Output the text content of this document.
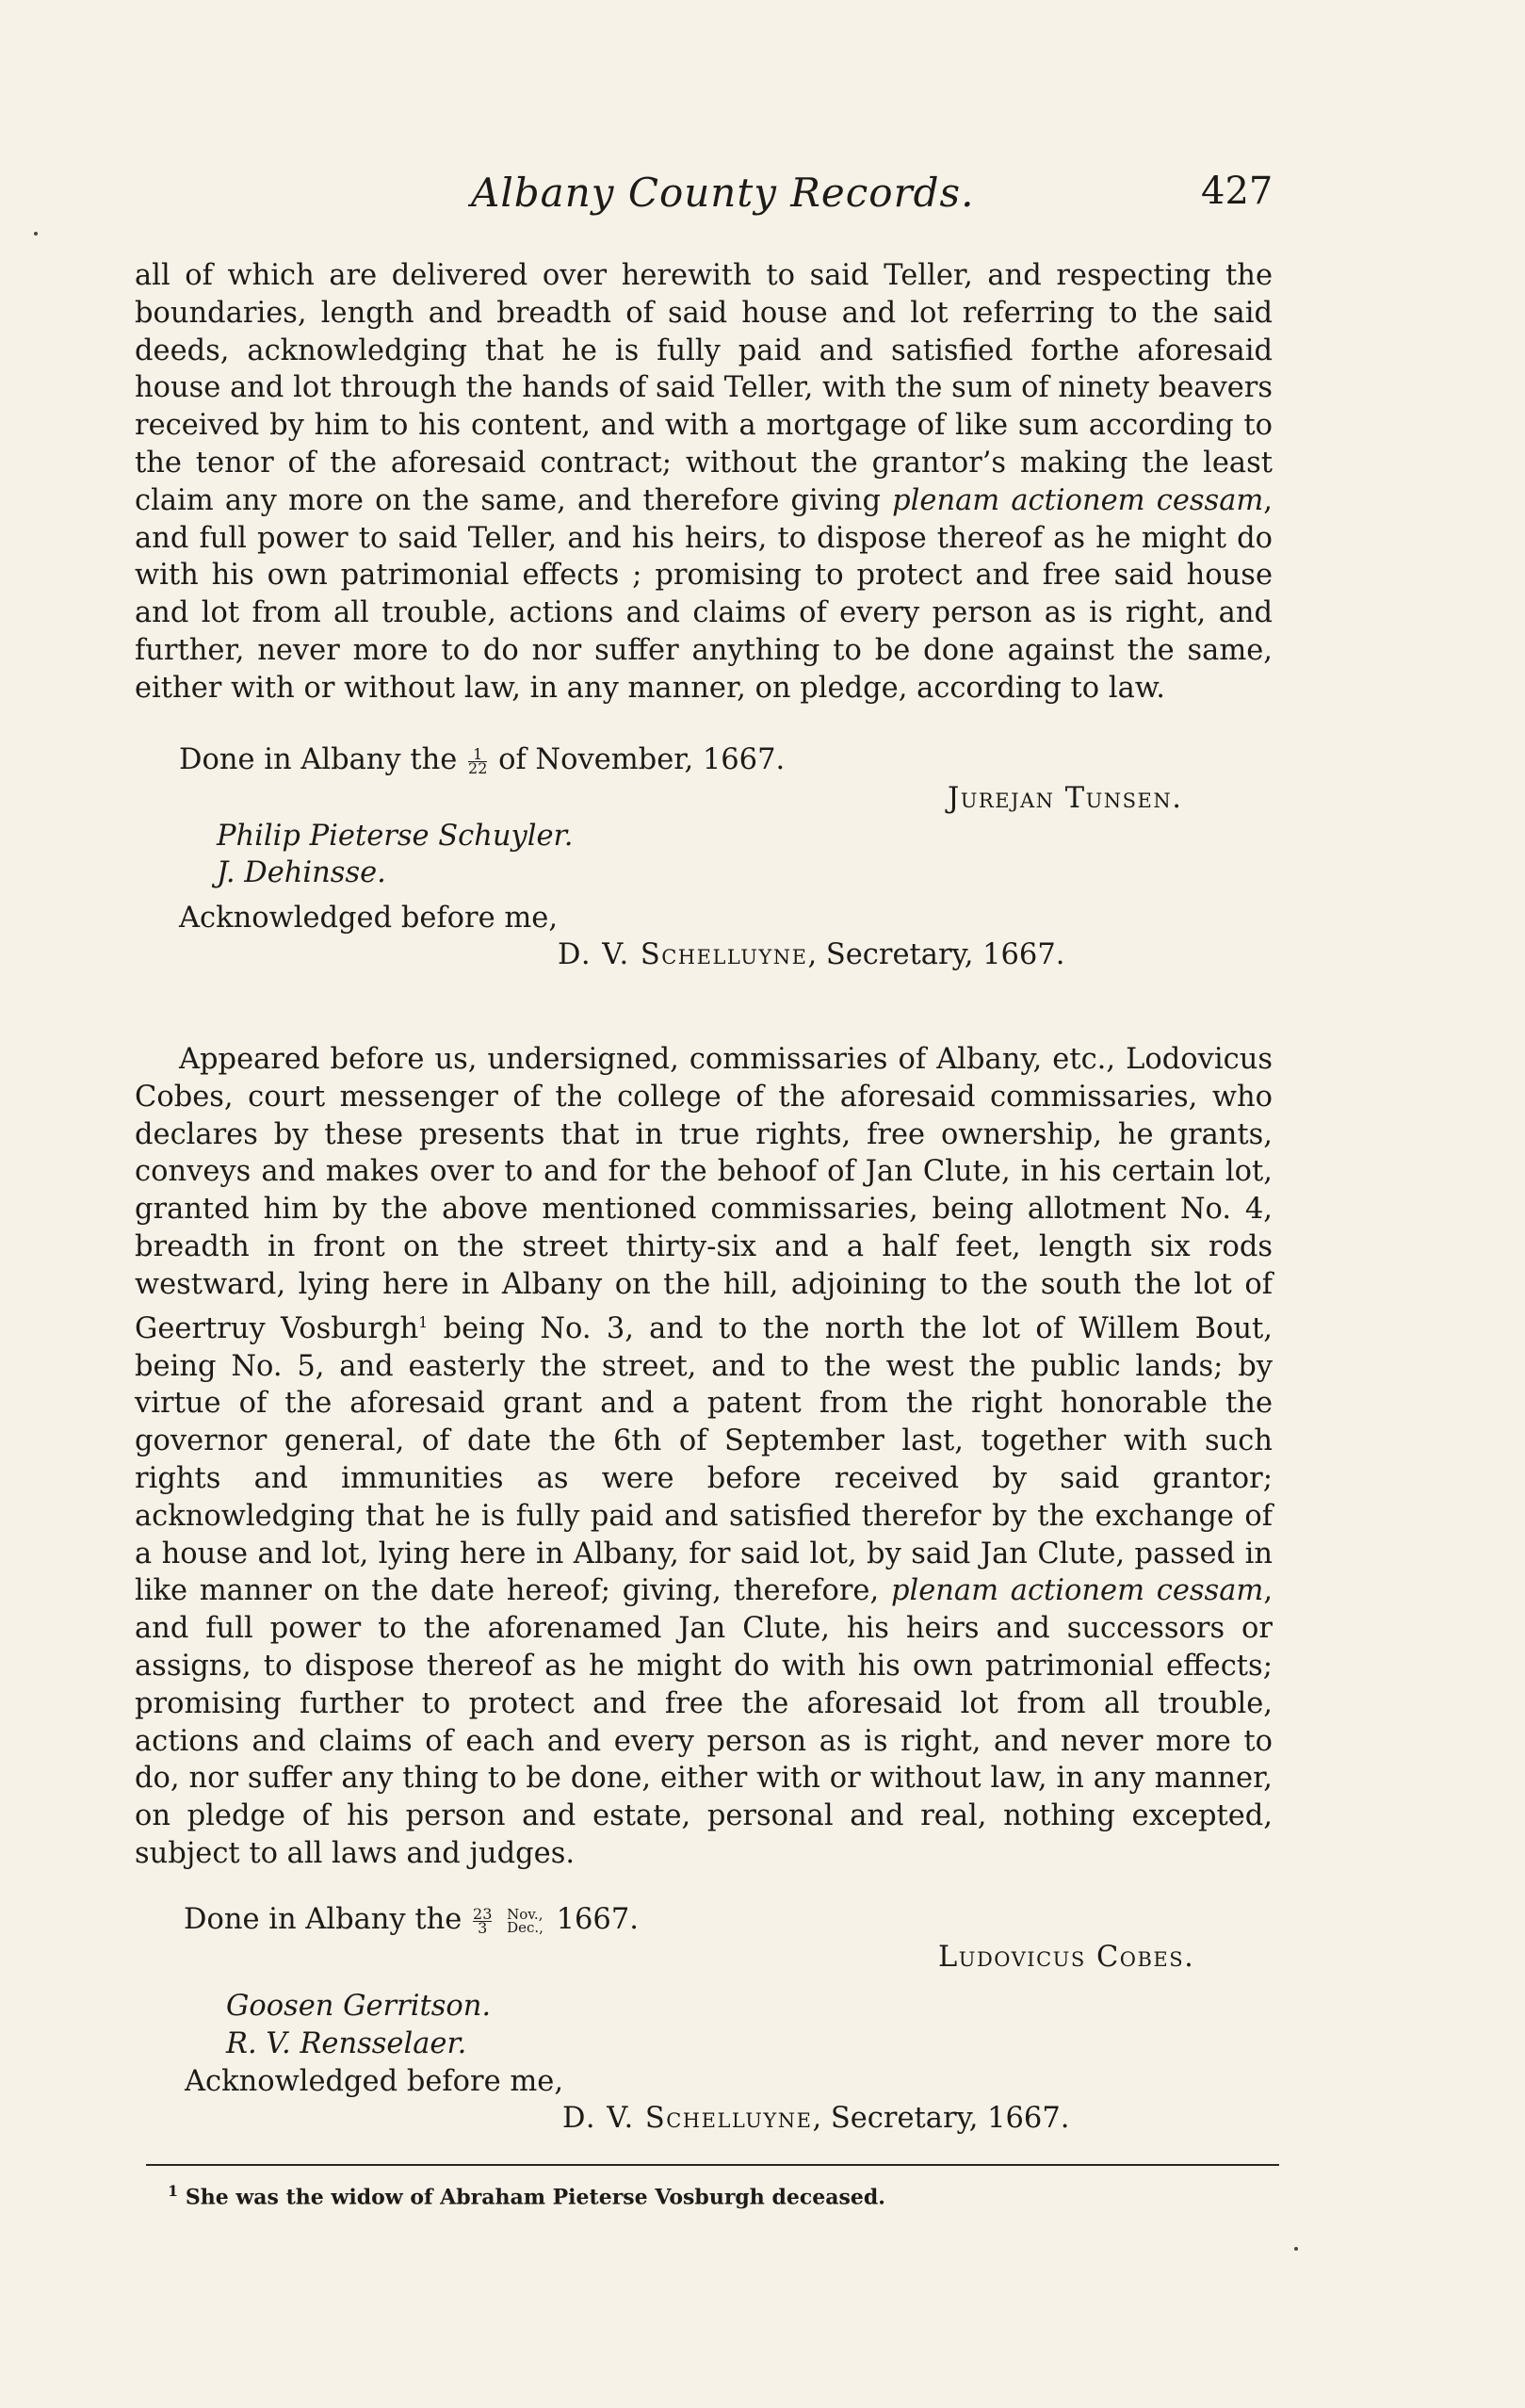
Albany County Records.	427

all of which are delivered over herewith to said Teller, and respecting the boundaries, length and breadth of said house and lot referring to the said deeds, acknowledging that he is fully paid and satisfied forthe aforesaid house and lot through the hands of said Teller, with the sum of ninety beavers received by him to his content, and with a mortgage of like sum according to the tenor of the aforesaid contract; without the grantor’s making the least claim any more on the same, and therefore giving plenam actionem cessam, and full power to said Teller, and his heirs, to dispose thereof as he might do with his own patrimonial effects ; promising to protect and free said house and lot from all trouble, actions and claims of every person as is right, and further, never more to do nor suffer anything to be done against the same, either with or without law, in any manner, on pledge, according to law.

Done in Albany the $\frac{1}{22}$ of November, 1667.
Jurejan Tunsen.
Philip Pieterse Schuyler.
J. Dehinsse.
Acknowledged before me,
D. V. Schelluyne, Secretary, 1667.

Appeared before us, undersigned, commissaries of Albany, etc., Lodovicus Cobes, court messenger of the college of the aforesaid commissaries, who declares by these presents that in true rights, free ownership, he grants, conveys and makes over to and for the behoof of Jan Clute, in his certain lot, granted him by the above mentioned commissaries, being allotment No. 4, breadth in front on the street thirty-six and a half feet, length six rods westward, lying here in Albany on the hill, adjoining to the south the lot of Geertruy Vosburgh$^1$ being No. 3, and to the north the lot of Willem Bout, being No. 5, and easterly the street, and to the west the public lands; by virtue of the aforesaid grant and a patent from the right honorable the governor general, of date the 6th of September last, together with such rights and immunities as were before received by said grantor; acknowledging that he is fully paid and satisfied therefor by the exchange of a house and lot, lying here in Albany, for said lot, by said Jan Clute, passed in like manner on the date hereof; giving, therefore, plenam actionem cessam, and full power to the aforenamed Jan Clute, his heirs and successors or assigns, to dispose thereof as he might do with his own patrimonial effects; promising further to protect and free the aforesaid lot from all trouble, actions and claims of each and every person as is right, and never more to do, nor suffer any thing to be done, either with or without law, in any manner, on pledge of his person and estate, personal and real, nothing excepted, subject to all laws and judges.

Done in Albany the $\frac{23}{3}$
Nov.,
Dec., 1667.
Ludovicus Cobes.
Goosen Gerritson.
R. V. Rensselaer.
Acknowledged before me,
D. V. Schelluyne, Secretary, 1667.
$^1$ She was the widow of Abraham Pieterse Vosburgh deceased.
